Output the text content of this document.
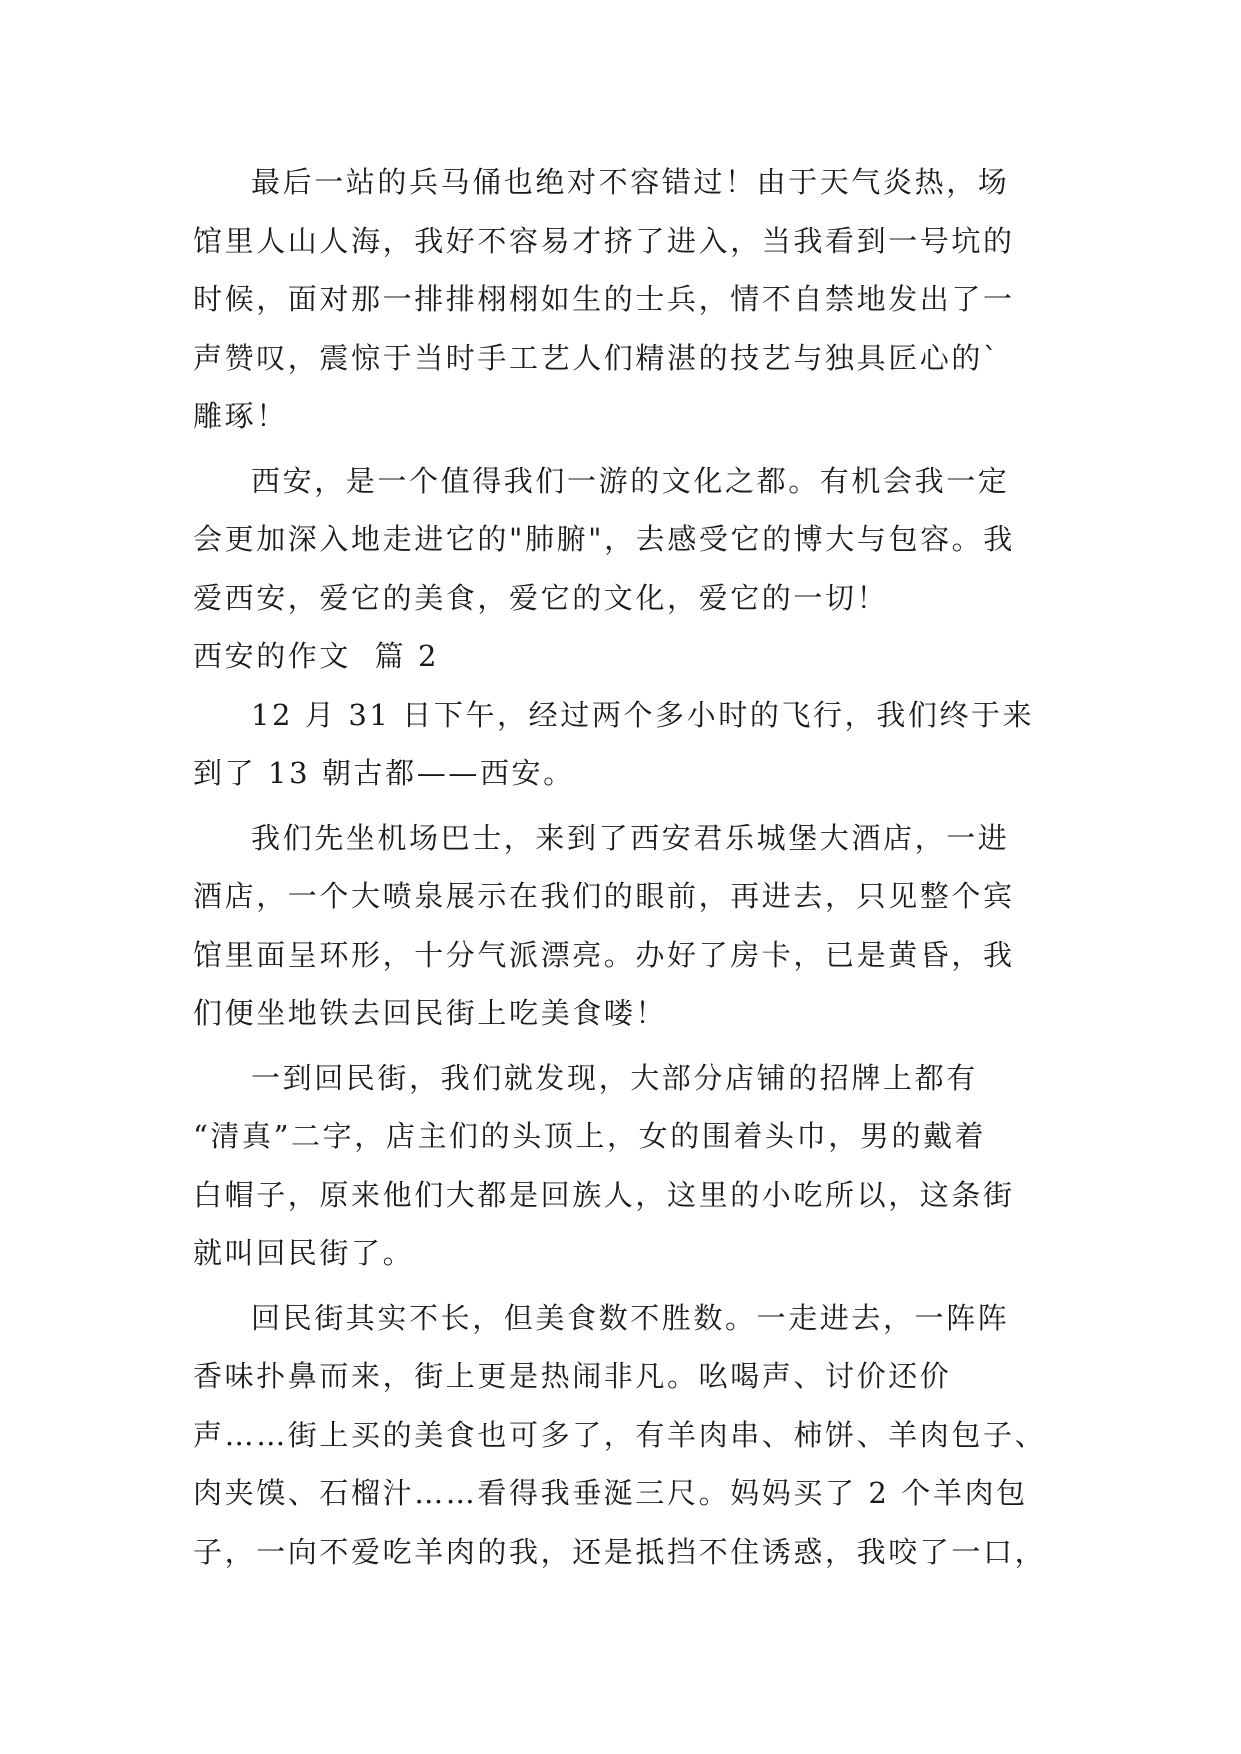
最后一站的兵马俑也绝对不容错过！由于天气炎热，场
馆里人山人海，我好不容易才挤了进入，当我看到一号坑的
时候，面对那一排排栩栩如生的士兵，情不自禁地发出了一
声赞叹，震惊于当时手工艺人们精湛的技艺与独具匠心的`
雕琢！

西安，是一个值得我们一游的文化之都。有机会我一定
会更加深入地走进它的"肺腑"，去感受它的博大与包容。我
爱西安，爱它的美食，爱它的文化，爱它的一切！

西安的作文  篇 2

12 月 31 日下午，经过两个多小时的飞行，我们终于来
到了 13 朝古都——西安。

我们先坐机场巴士，来到了西安君乐城堡大酒店，一进
酒店，一个大喷泉展示在我们的眼前，再进去，只见整个宾
馆里面呈环形，十分气派漂亮。办好了房卡，已是黄昏，我
们便坐地铁去回民街上吃美食喽！

一到回民街，我们就发现，大部分店铺的招牌上都有
“清真”二字，店主们的头顶上，女的围着头巾，男的戴着
白帽子，原来他们大都是回族人，这里的小吃所以，这条街
就叫回民街了。

回民街其实不长，但美食数不胜数。一走进去，一阵阵
香味扑鼻而来，街上更是热闹非凡。吆喝声、讨价还价
声……街上买的美食也可多了，有羊肉串、柿饼、羊肉包子、
肉夹馍、石榴汁……看得我垂涎三尺。妈妈买了 2 个羊肉包
子，一向不爱吃羊肉的我，还是抵挡不住诱惑，我咬了一口，
